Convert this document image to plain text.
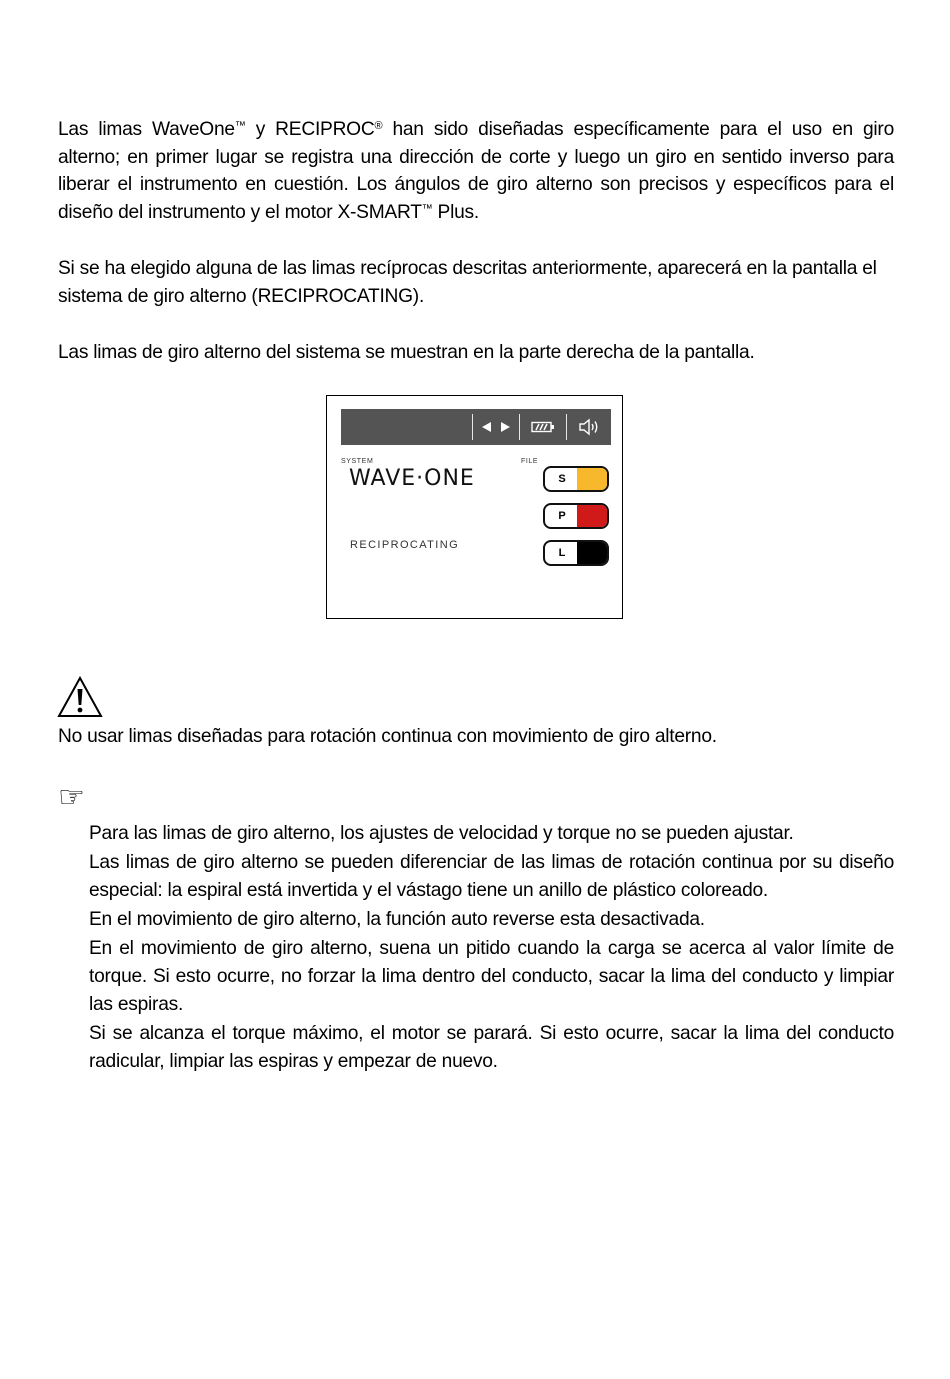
Las limas WaveOne™ y RECIPROC® han sido diseñadas específicamente para el uso en giro alterno; en primer lugar se registra una dirección de corte y luego un giro en sentido inverso para liberar el instrumento en cuestión. Los ángulos de giro alterno son precisos y específicos para el diseño del instrumento y el motor X-SMART™ Plus.

Si se ha elegido alguna de las limas recíprocas descritas anteriormente, aparecerá en la pantalla el sistema de giro alterno (RECIPROCATING).

Las limas de giro alterno del sistema se muestran en la parte derecha de la pantalla.

SYSTEM	FILE
WAVE·ONE
RECIPROCATING
S
P
L

No usar limas diseñadas para rotación continua con movimiento de giro alterno.

☞

Para las limas de giro alterno, los ajustes de velocidad y torque no se pueden ajustar.

Las limas de giro alterno se pueden diferenciar de las limas de rotación continua por su diseño especial: la espiral está invertida y el vástago tiene un anillo de plástico coloreado.

En el movimiento de giro alterno, la función auto reverse esta desactivada.

En el movimiento de giro alterno, suena un pitido cuando la carga se acerca al valor límite de torque. Si esto ocurre, no forzar la lima dentro del conducto, sacar la lima del conducto y limpiar las espiras.

Si se alcanza el torque máximo, el motor se parará. Si esto ocurre, sacar la lima del conducto radicular, limpiar las espiras y empezar de nuevo.
